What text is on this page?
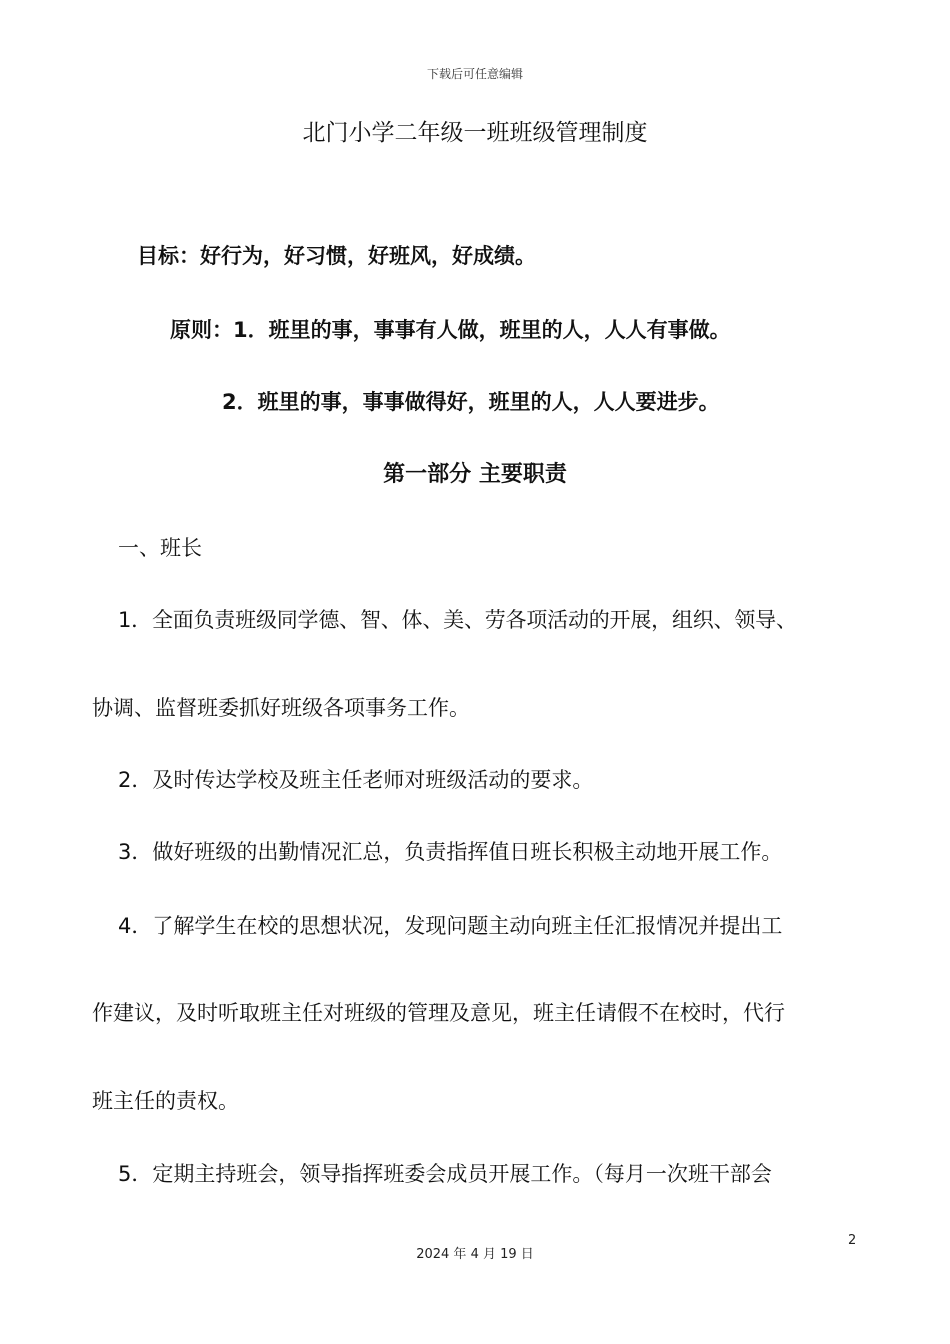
下载后可任意编辑
北门小学二年级一班班级管理制度
目标：好行为，好习惯，好班风，好成绩。
原则：1．班里的事，事事有人做，班里的人，人人有事做。
2．班里的事，事事做得好，班里的人，人人要进步。
第一部分 主要职责
一、班长
1．全面负责班级同学德、智、体、美、劳各项活动的开展，组织、领导、
协调、监督班委抓好班级各项事务工作。
2．及时传达学校及班主任老师对班级活动的要求。
3．做好班级的出勤情况汇总，负责指挥值日班长积极主动地开展工作。
4．了解学生在校的思想状况，发现问题主动向班主任汇报情况并提出工
作建议，及时听取班主任对班级的管理及意见，班主任请假不在校时，代行
班主任的责权。
5．定期主持班会，领导指挥班委会成员开展工作。（每月一次班干部会
2
2024 年 4 月 19 日
